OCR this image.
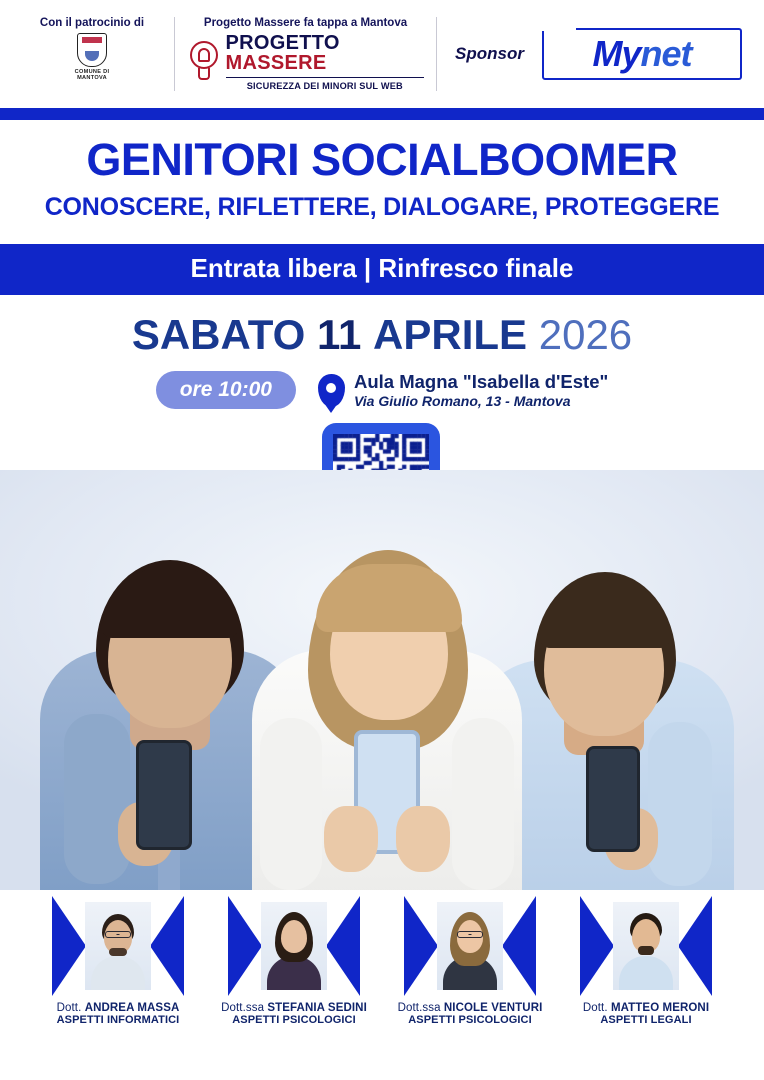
Con il patrocinio di
COMUNE DI MANTOVA
Progetto Massere fa tappa a Mantova
PROGETTO MASSERE
SICUREZZA DEI MINORI SUL WEB
Sponsor Mynet
GENITORI SOCIALBOOMER
CONOSCERE, RIFLETTERE, DIALOGARE, PROTEGGERE
Entrata libera | Rinfresco finale
SABATO 11 APRILE 2026
ore 10:00	Aula Magna "Isabella d'Este"
Via Giulio Romano, 13 - Mantova
Dott. ANDREA MASSA
ASPETTI INFORMATICI
Dott.ssa STEFANIA SEDINI
ASPETTI PSICOLOGICI
Dott.ssa NICOLE VENTURI
ASPETTI PSICOLOGICI
Dott. MATTEO MERONI
ASPETTI LEGALI
